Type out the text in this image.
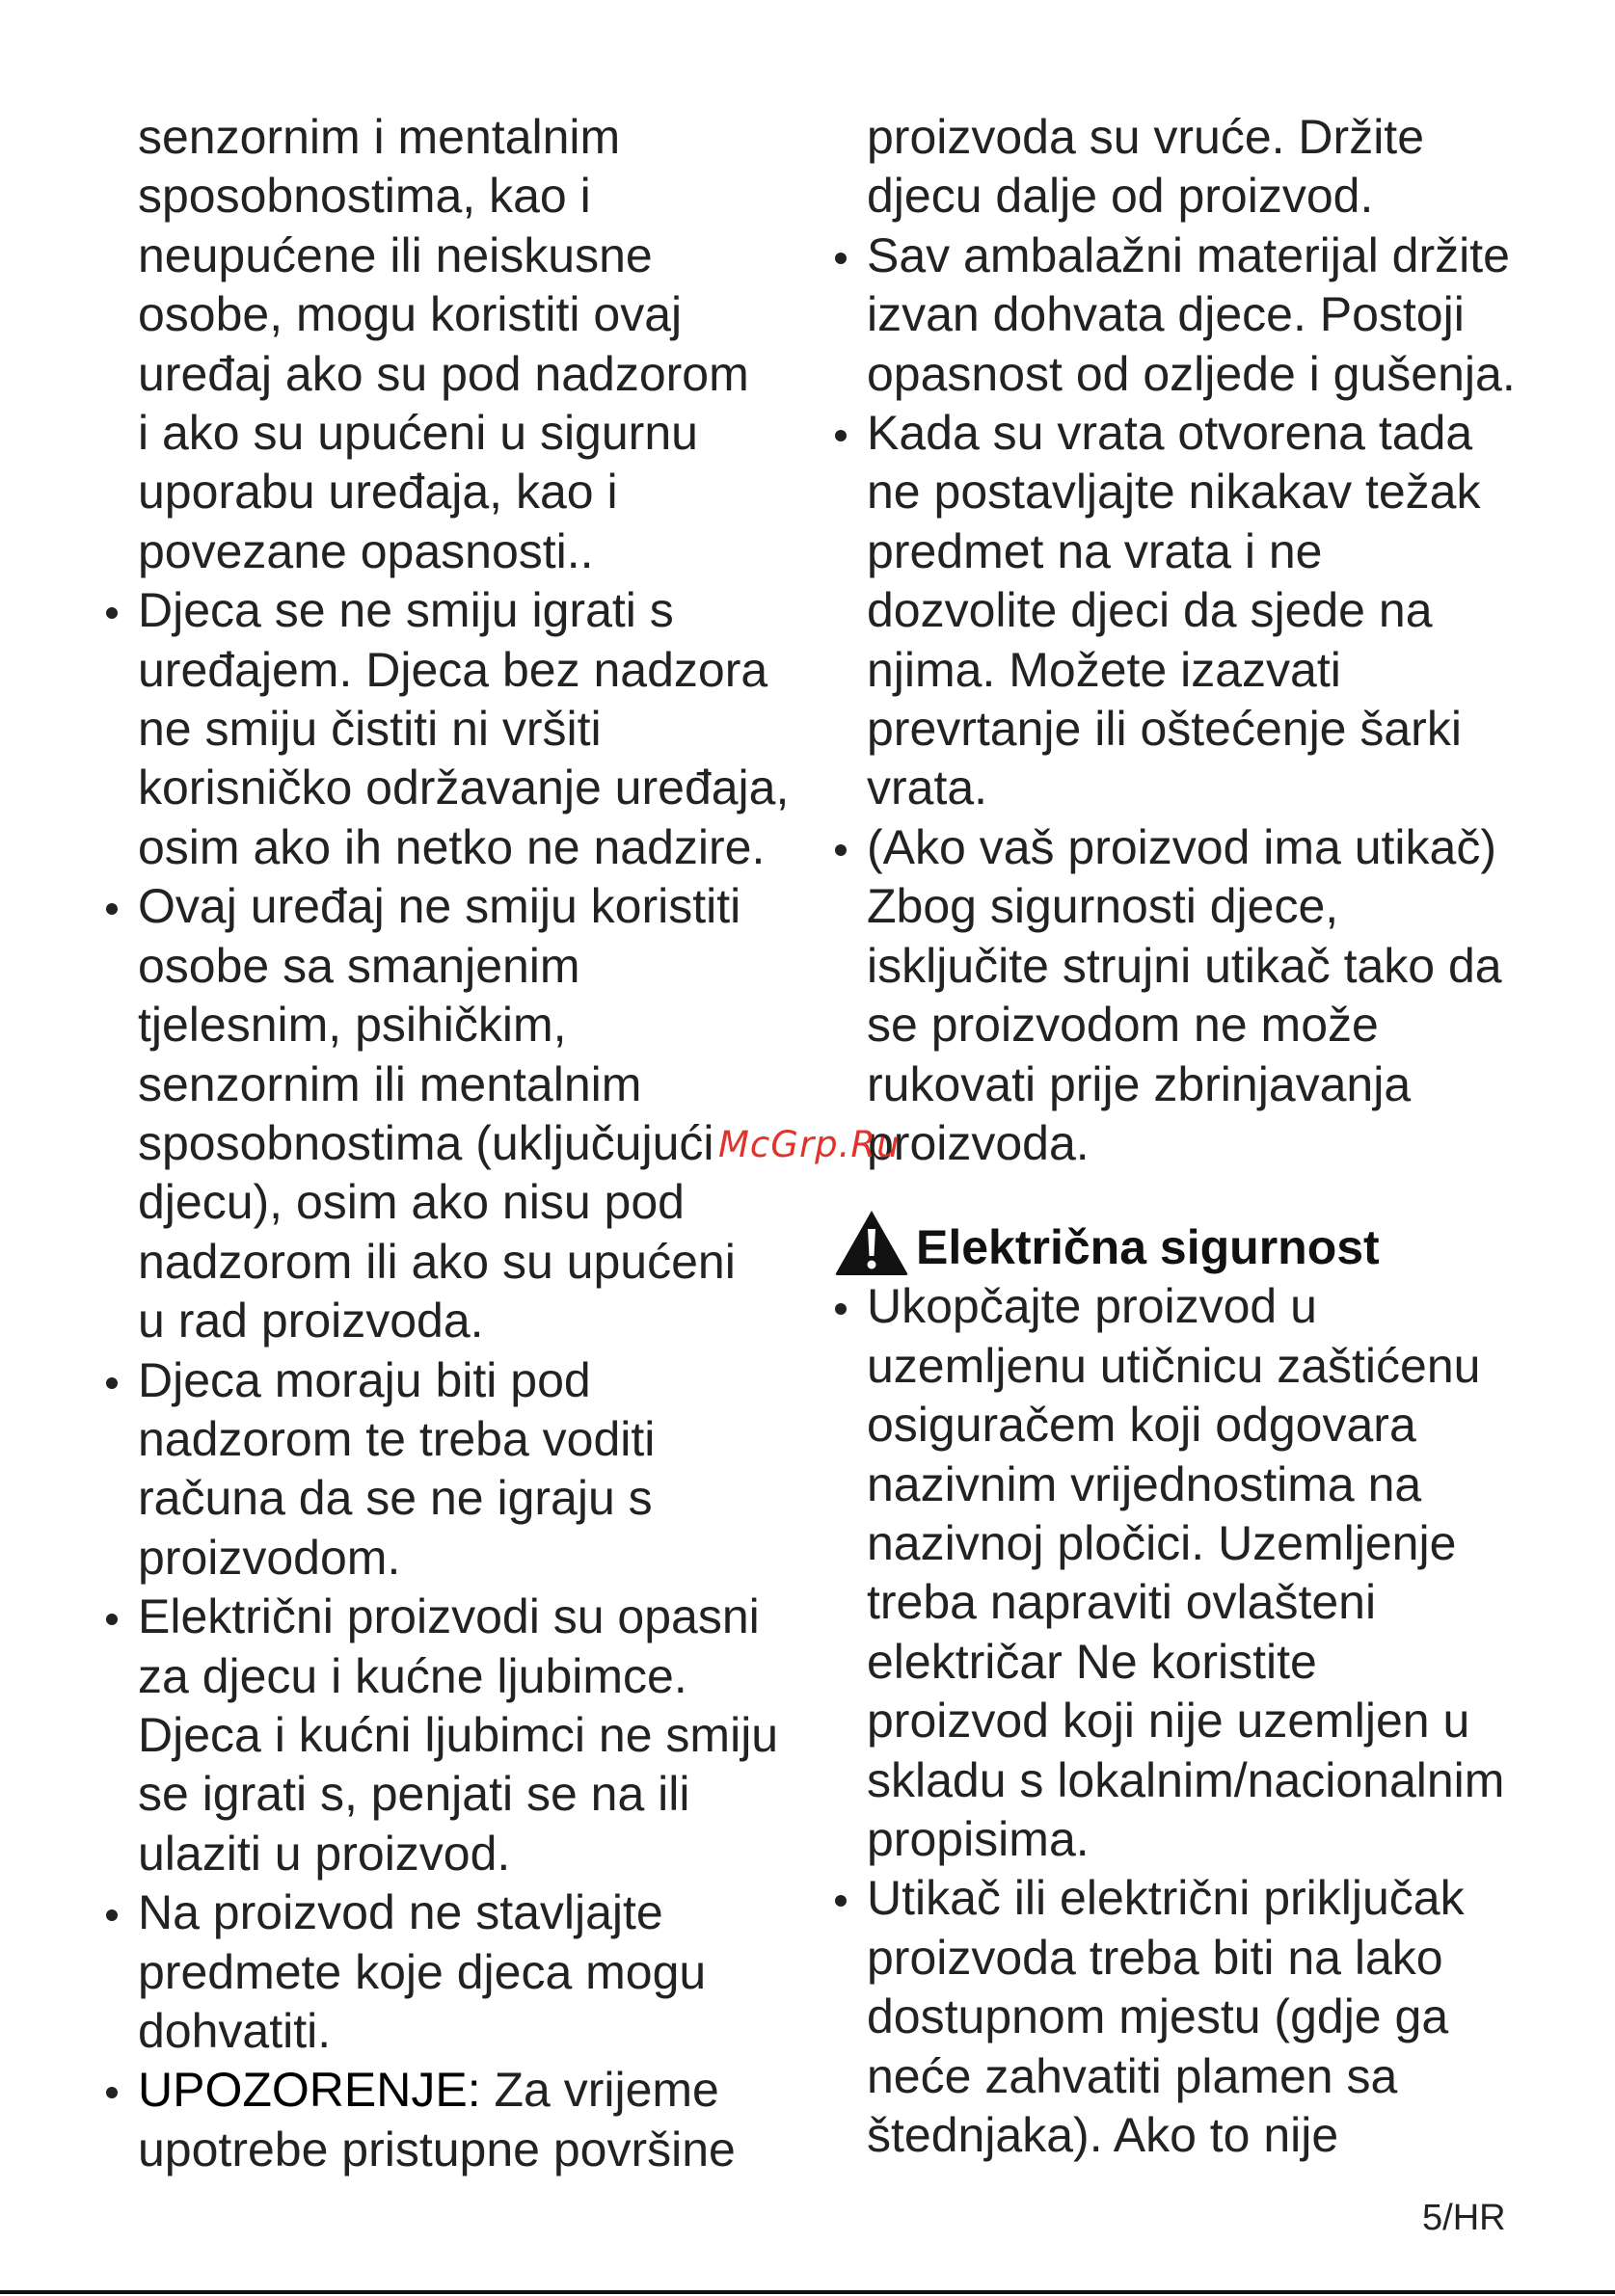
senzornim i mentalnim
sposobnostima, kao i
neupućene ili neiskusne
osobe, mogu koristiti ovaj
uređaj ako su pod nadzorom
i ako su upućeni u sigurnu
uporabu uređaja, kao i
povezane opasnosti..
Djeca se ne smiju igrati s
uređajem. Djeca bez nadzora
ne smiju čistiti ni vršiti
korisničko održavanje uređaja,
osim ako ih netko ne nadzire.
Ovaj uređaj ne smiju koristiti
osobe sa smanjenim
tjelesnim, psihičkim,
senzornim ili mentalnim
sposobnostima (uključujući
djecu), osim ako nisu pod
nadzorom ili ako su upućeni
u rad proizvoda.
Djeca moraju biti pod
nadzorom te treba voditi
računa da se ne igraju s
proizvodom.
Električni proizvodi su opasni
za djecu i kućne ljubimce.
Djeca i kućni ljubimci ne smiju
se igrati s, penjati se na ili
ulaziti u proizvod.
Na proizvod ne stavljajte
predmete koje djeca mogu
dohvatiti.
UPOZORENJE: Za vrijeme
upotrebe pristupne površine
proizvoda su vruće. Držite
djecu dalje od proizvod.
Sav ambalažni materijal držite
izvan dohvata djece. Postoji
opasnost od ozljede i gušenja.
Kada su vrata otvorena tada
ne postavljajte nikakav težak
predmet na vrata i ne
dozvolite djeci da sjede na
njima. Možete izazvati
prevrtanje ili oštećenje šarki
vrata.
(Ako vaš proizvod ima utikač)
Zbog sigurnosti djece,
isključite strujni utikač tako da
se proizvodom ne može
rukovati prije zbrinjavanja
proizvoda.
Električna sigurnost
Ukopčajte proizvod u
uzemljenu utičnicu zaštićenu
osiguračem koji odgovara
nazivnim vrijednostima na
nazivnoj pločici. Uzemljenje
treba napraviti ovlašteni
električar Ne koristite
proizvod koji nije uzemljen u
skladu s lokalnim/nacionalnim
propisima.
Utikač ili električni priključak
proizvoda treba biti na lako
dostupnom mjestu (gdje ga
neće zahvatiti plamen sa
štednjaka). Ako to nije
McGrp.Ru
5/HR
